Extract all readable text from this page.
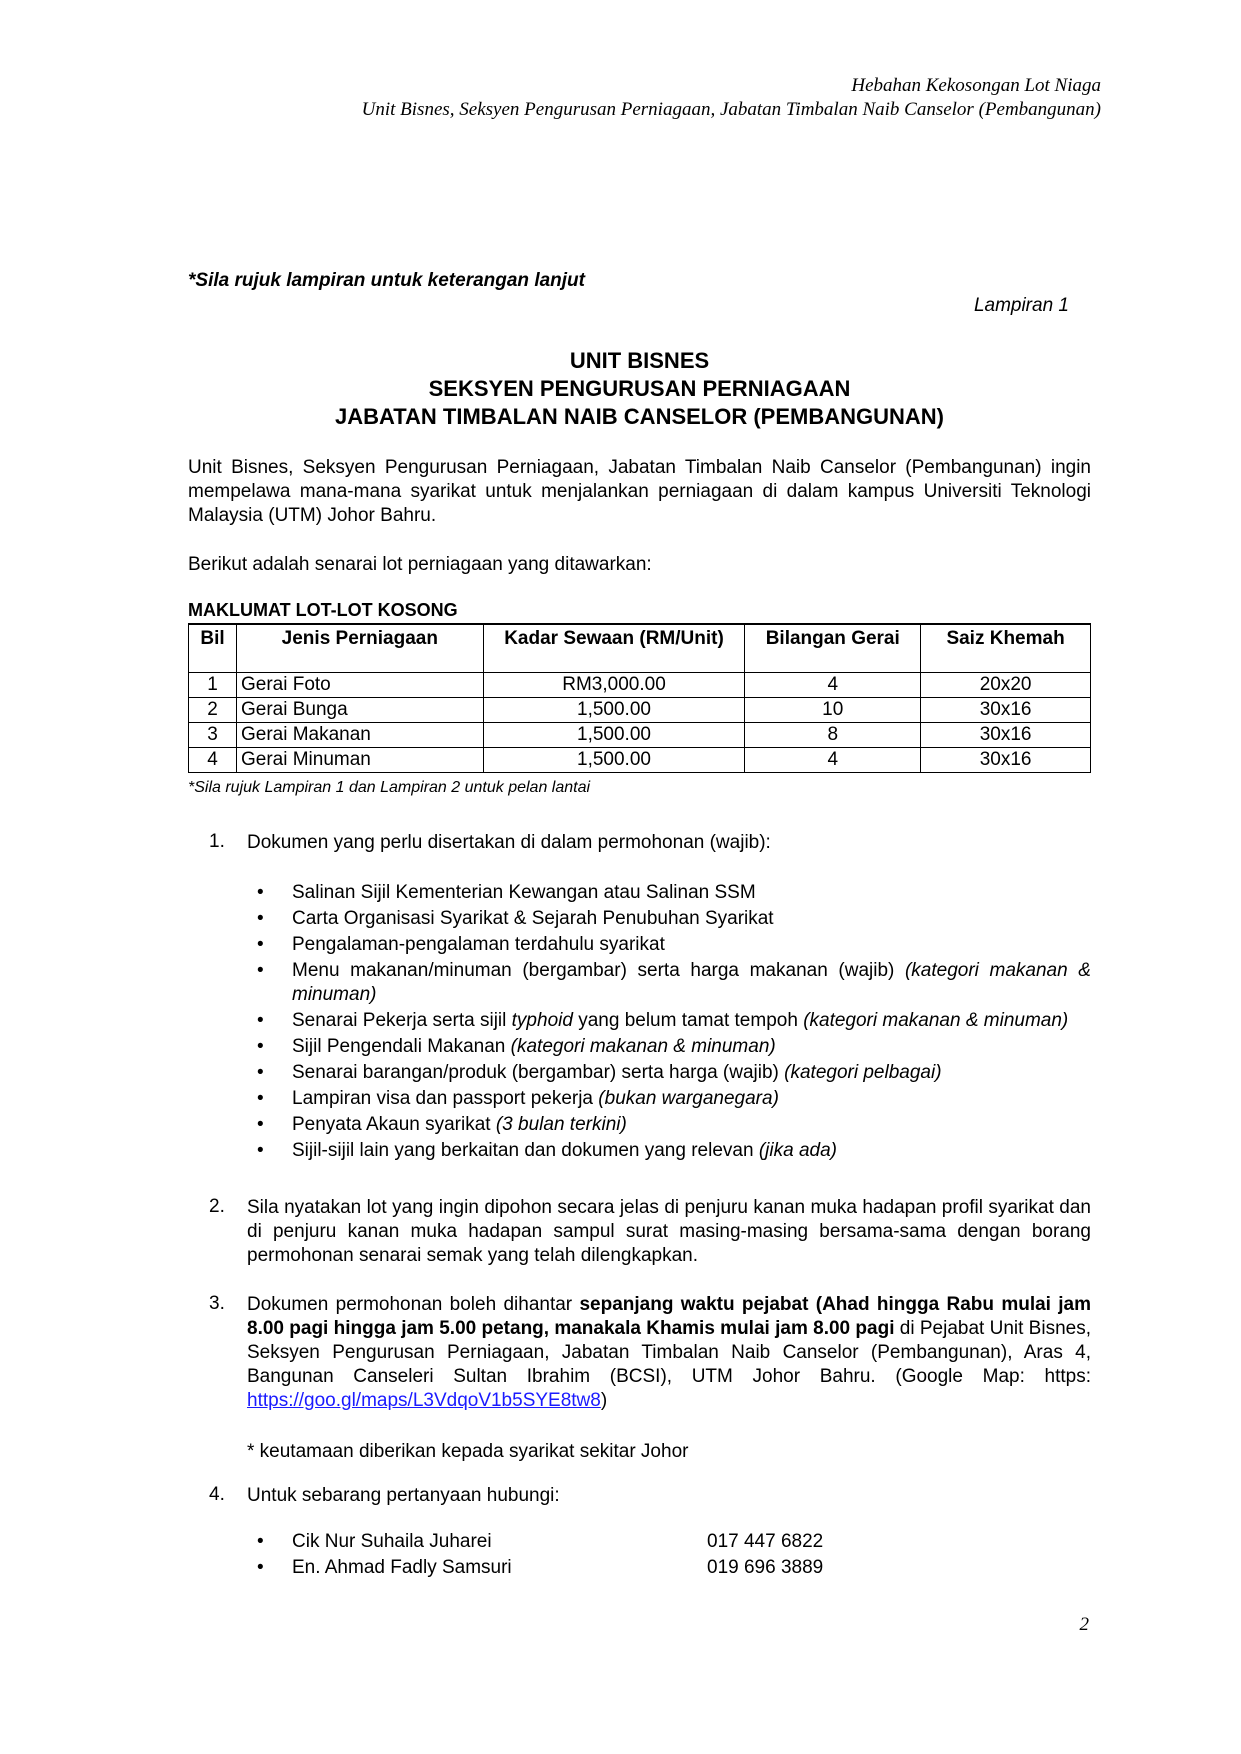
Hebahan Kekosongan Lot Niaga
Unit Bisnes, Seksyen Pengurusan Perniagaan, Jabatan Timbalan Naib Canselor (Pembangunan)
*Sila rujuk lampiran untuk keterangan lanjut
Lampiran 1
UNIT BISNES
SEKSYEN PENGURUSAN PERNIAGAAN
JABATAN TIMBALAN NAIB CANSELOR (PEMBANGUNAN)
Unit Bisnes, Seksyen Pengurusan Perniagaan, Jabatan Timbalan Naib Canselor (Pembangunan) ingin mempelawa mana-mana syarikat untuk menjalankan perniagaan di dalam kampus Universiti Teknologi Malaysia (UTM) Johor Bahru.
Berikut adalah senarai lot perniagaan yang ditawarkan:
MAKLUMAT LOT-LOT KOSONG
Bil	Jenis Perniagaan	Kadar Sewaan (RM/Unit)	Bilangan Gerai	Saiz Khemah
1	Gerai Foto	RM3,000.00	4	20x20
2	Gerai Bunga	1,500.00	10	30x16
3	Gerai Makanan	1,500.00	8	30x16
4	Gerai Minuman	1,500.00	4	30x16
*Sila rujuk Lampiran 1 dan Lampiran 2 untuk pelan lantai
1. Dokumen yang perlu disertakan di dalam permohonan (wajib):
• Salinan Sijil Kementerian Kewangan atau Salinan SSM
• Carta Organisasi Syarikat & Sejarah Penubuhan Syarikat
• Pengalaman-pengalaman terdahulu syarikat
• Menu makanan/minuman (bergambar) serta harga makanan (wajib) (kategori makanan & minuman)
• Senarai Pekerja serta sijil typhoid yang belum tamat tempoh (kategori makanan & minuman)
• Sijil Pengendali Makanan (kategori makanan & minuman)
• Senarai barangan/produk (bergambar) serta harga (wajib) (kategori pelbagai)
• Lampiran visa dan passport pekerja (bukan warganegara)
• Penyata Akaun syarikat (3 bulan terkini)
• Sijil-sijil lain yang berkaitan dan dokumen yang relevan (jika ada)
2. Sila nyatakan lot yang ingin dipohon secara jelas di penjuru kanan muka hadapan profil syarikat dan di penjuru kanan muka hadapan sampul surat masing-masing bersama-sama dengan borang permohonan senarai semak yang telah dilengkapkan.
3. Dokumen permohonan boleh dihantar sepanjang waktu pejabat (Ahad hingga Rabu mulai jam 8.00 pagi hingga jam 5.00 petang, manakala Khamis mulai jam 8.00 pagi di Pejabat Unit Bisnes, Seksyen Pengurusan Perniagaan, Jabatan Timbalan Naib Canselor (Pembangunan), Aras 4, Bangunan Canseleri Sultan Ibrahim (BCSI), UTM Johor Bahru. (Google Map: https: https://goo.gl/maps/L3VdqoV1b5SYE8tw8)
* keutamaan diberikan kepada syarikat sekitar Johor
4. Untuk sebarang pertanyaan hubungi:
• Cik Nur Suhaila Juharei	017 447 6822
• En. Ahmad Fadly Samsuri	019 696 3889
2
